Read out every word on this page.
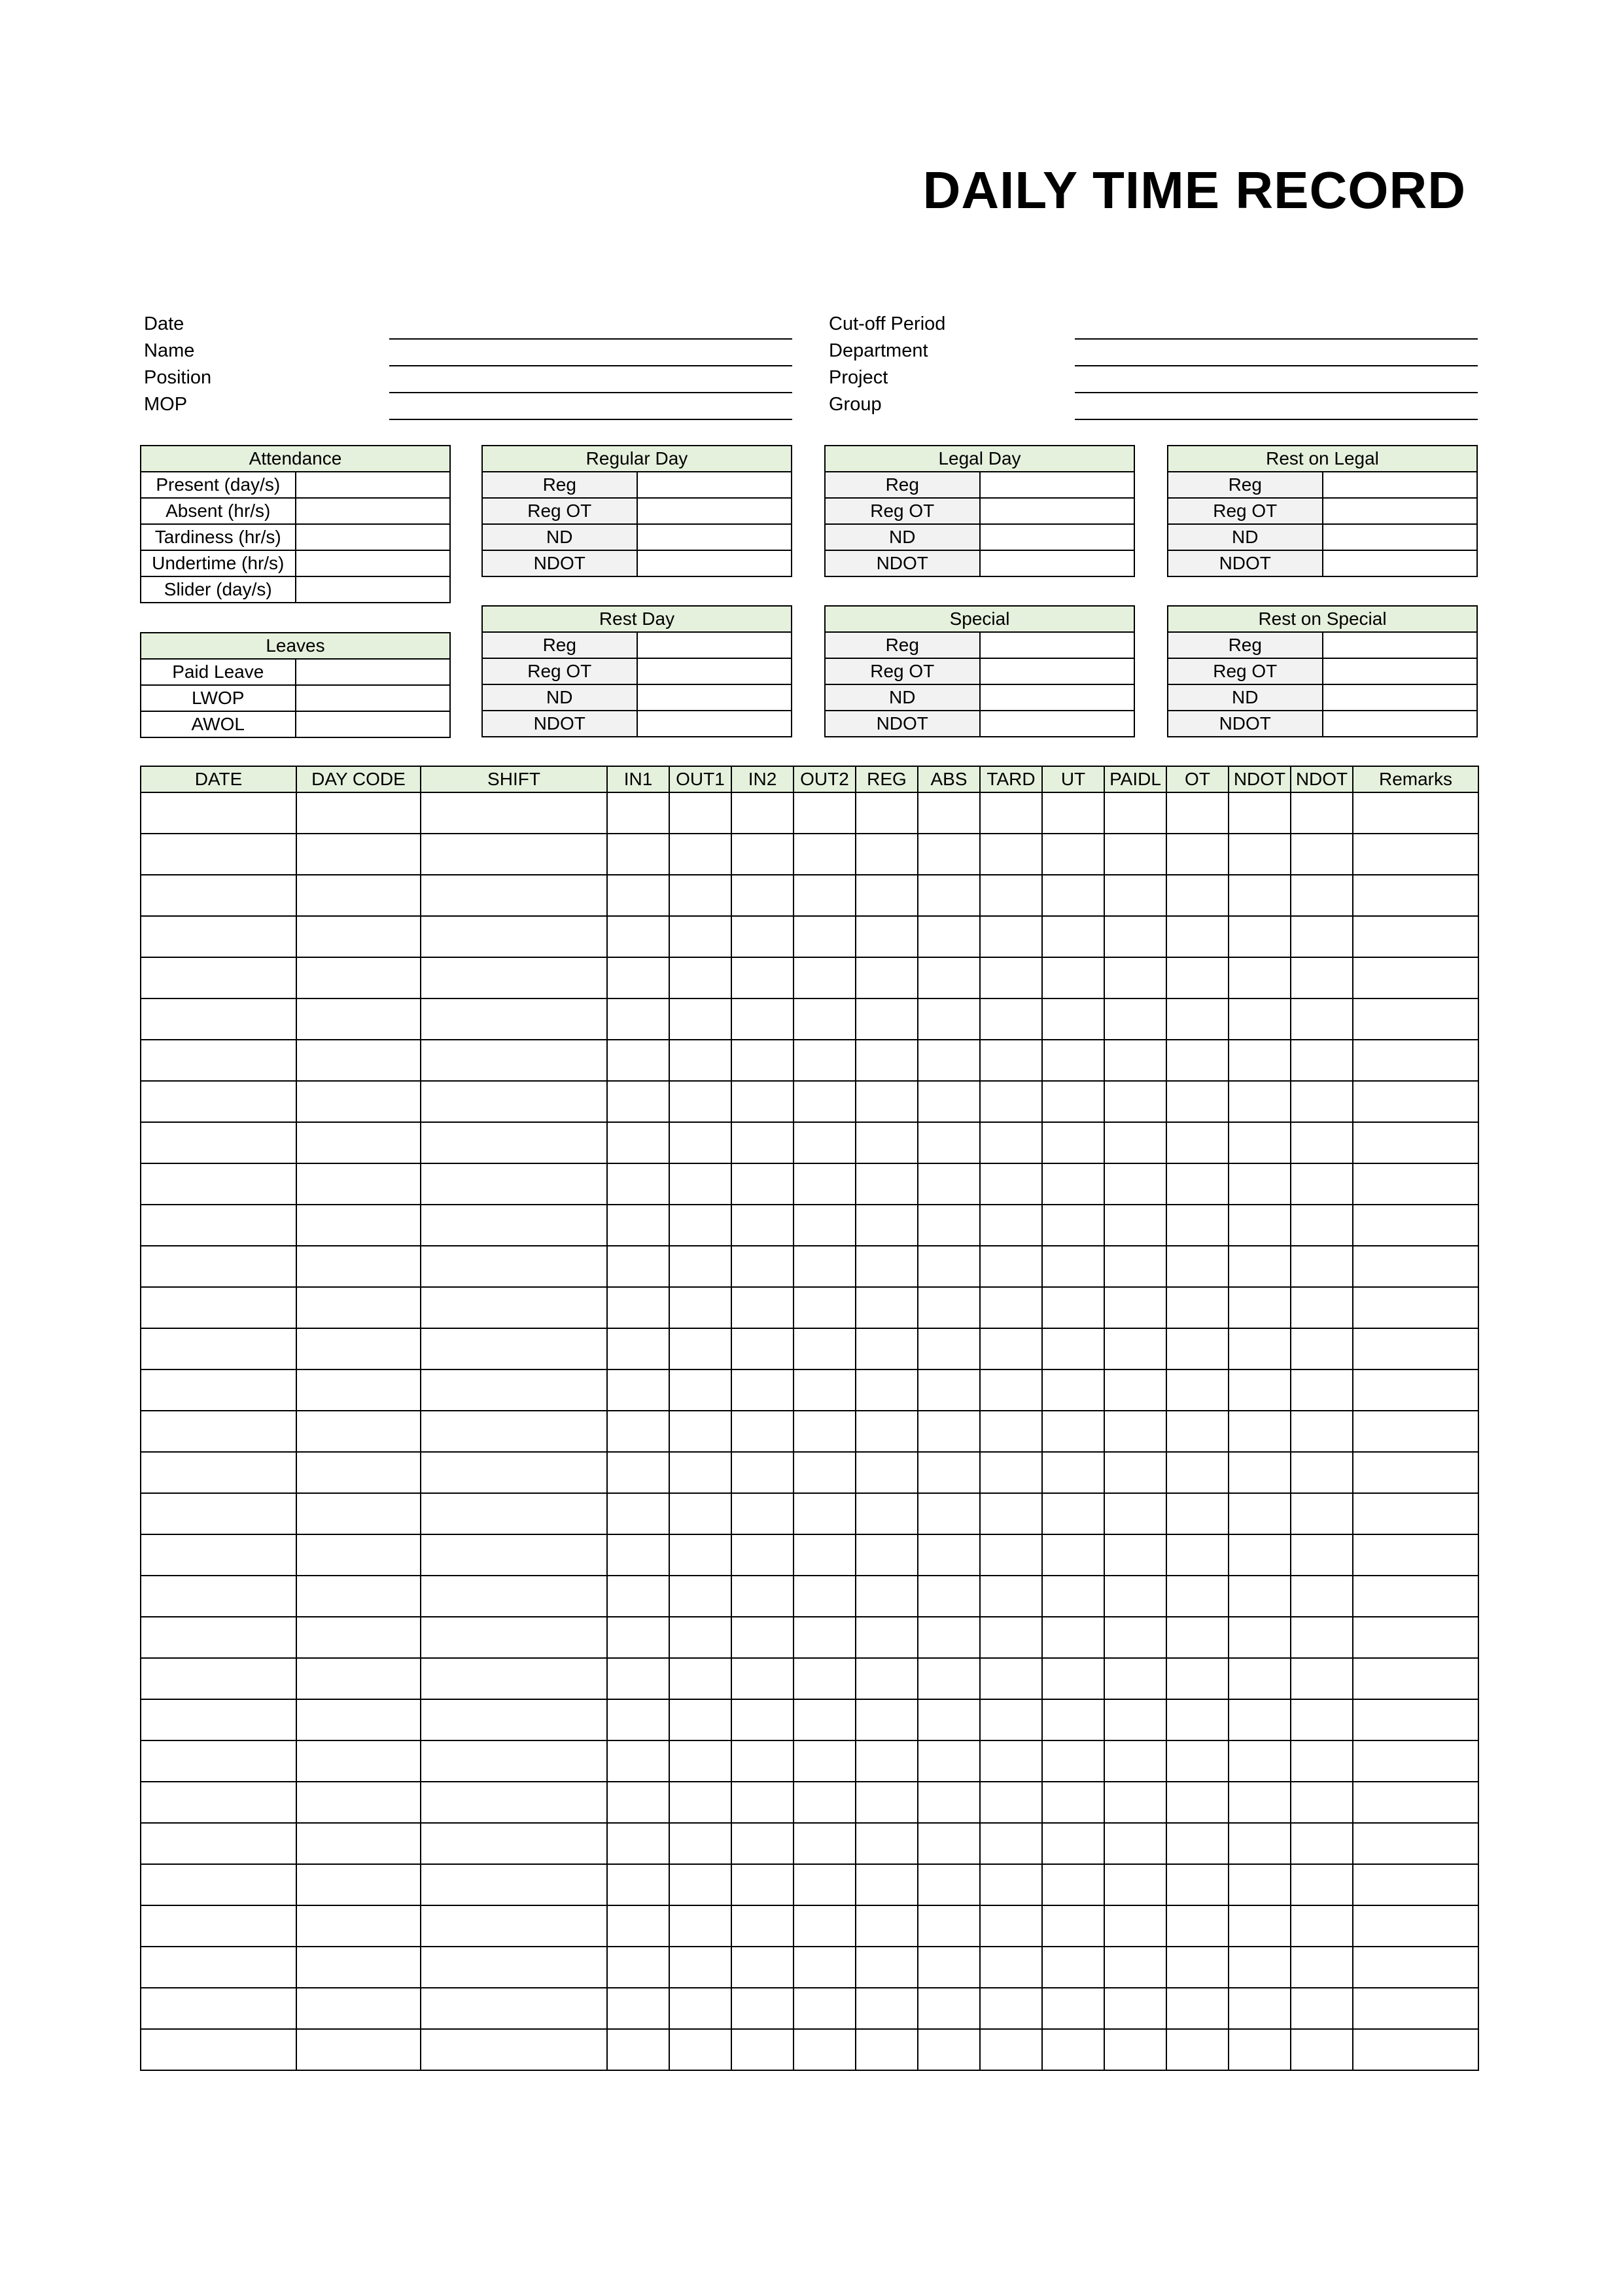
DAILY TIME RECORD
Date
Name
Position
MOP
Cut-off Period
Department
Project
Group
Attendance	
Present (day/s)	
Absent (hr/s)	
Tardiness (hr/s)	
Undertime (hr/s)	
Slider (day/s)	
Leaves	
Paid Leave	
LWOP	
AWOL	
Regular Day	
Reg	
Reg OT	
ND	
NDOT	
Legal Day	
Reg	
Reg OT	
ND	
NDOT	
Rest on Legal	
Reg	
Reg OT	
ND	
NDOT	
Rest Day	
Reg	
Reg OT	
ND	
NDOT	
Special	
Reg	
Reg OT	
ND	
NDOT	
Rest on Special	
Reg	
Reg OT	
ND	
NDOT	
DATE	DAY CODE	SHIFT	IN1	OUT1	IN2	OUT2	REG	ABS	TARD	UT	PAIDL	OT	NDOT	NDOT	Remarks
